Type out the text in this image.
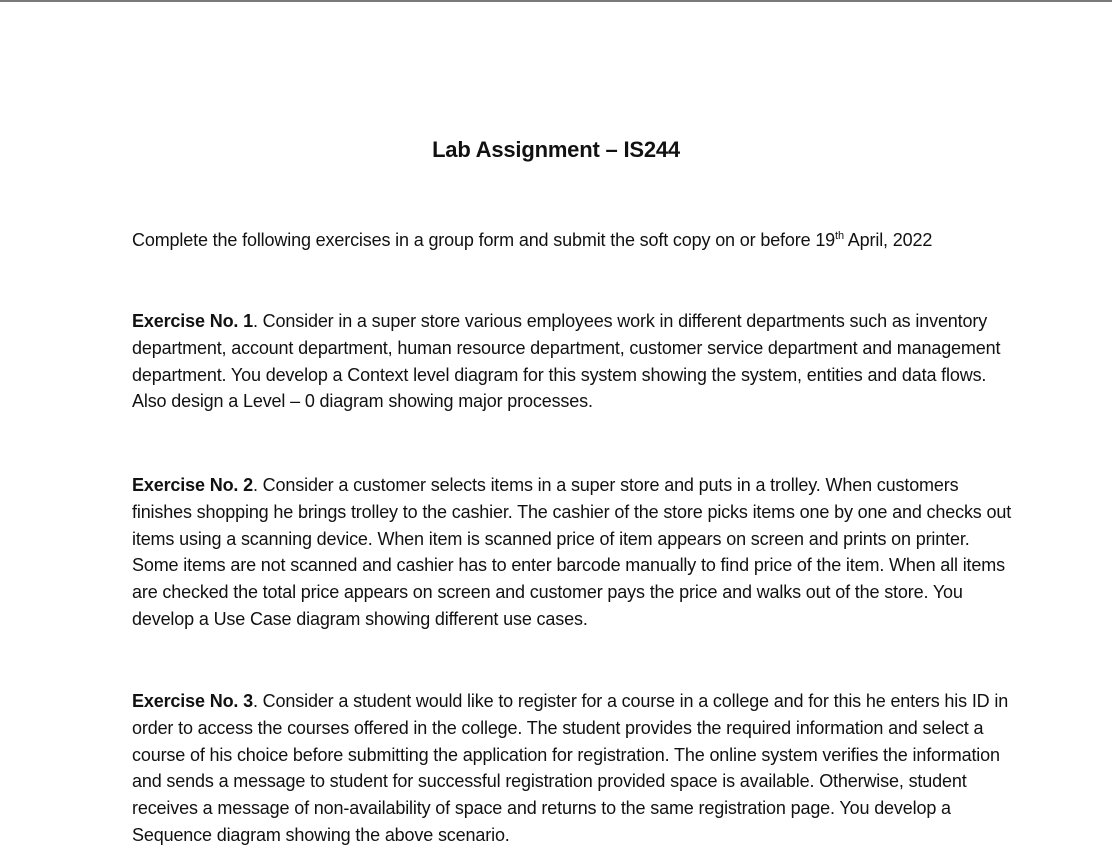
Lab Assignment – IS244

Complete the following exercises in a group form and submit the soft copy on or before 19th April, 2022

Exercise No. 1. Consider in a super store various employees work in different departments such as inventory department, account department, human resource department, customer service department and management department. You develop a Context level diagram for this system showing the system, entities and data flows. Also design a Level – 0 diagram showing major processes.

Exercise No. 2. Consider a customer selects items in a super store and puts in a trolley. When customers finishes shopping he brings trolley to the cashier. The cashier of the store picks items one by one and checks out items using a scanning device. When item is scanned price of item appears on screen and prints on printer. Some items are not scanned and cashier has to enter barcode manually to find price of the item. When all items are checked the total price appears on screen and customer pays the price and walks out of the store. You develop a Use Case diagram showing different use cases.

Exercise No. 3. Consider a student would like to register for a course in a college and for this he enters his ID in order to access the courses offered in the college. The student provides the required information and select a course of his choice before submitting the application for registration. The online system verifies the information and sends a message to student for successful registration provided space is available. Otherwise, student receives a message of non-availability of space and returns to the same registration page. You develop a Sequence diagram showing the above scenario.
